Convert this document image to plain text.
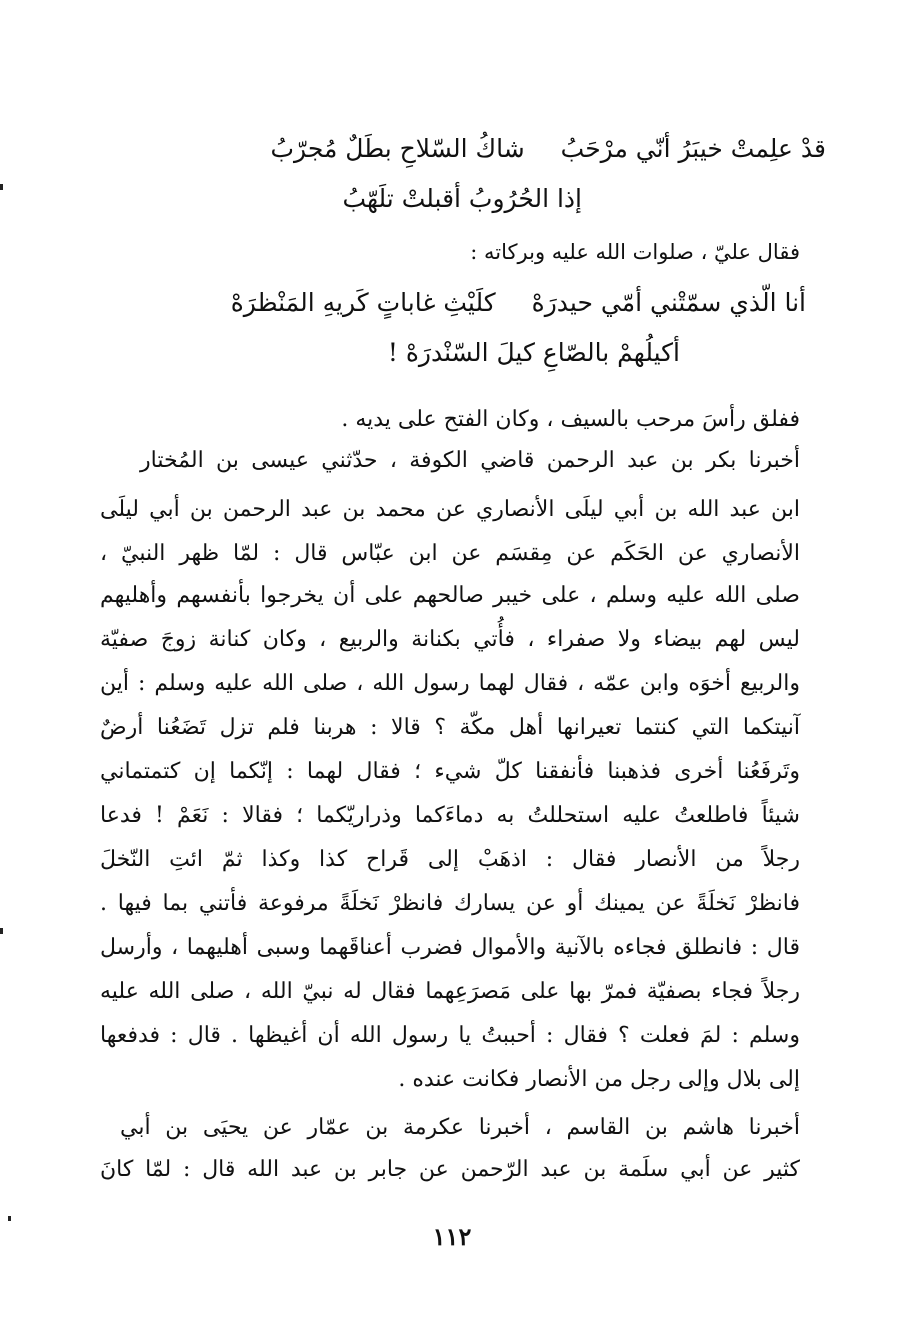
قدْ علِمتْ خيبَرُ أنّي مرْحَبُشاكُ السّلاحِ بطَلٌ مُجرّبُ
إذا الحُرُوبُ أقبلتْ تلَهّبُ
فقال عليّ ، صلوات الله عليه وبركاته :
أنا الّذي سمّتْني أمّي حيدرَهْكلَيْثِ غاباتٍ كَريهِ المَنْظرَهْ
أكيلُهمْ بالصّاعِ كيلَ السّنْدرَهْ !
ففلق رأسَ مرحب بالسيف ، وكان الفتح على يديه .
أخبرنا بكر بن عبد الرحمن قاضي الكوفة ، حدّثني عيسى بن المُختار
ابن عبد الله بن أبي ليلَى الأنصاري عن محمد بن عبد الرحمن بن أبي ليلَى
الأنصاري عن الحَكَم عن مِقسَم عن ابن عبّاس قال : لمّا ظهر النبيّ ،
صلى الله عليه وسلم ، على خيبر صالحهم على أن يخرجوا بأنفسهم وأهليهم
ليس لهم بيضاء ولا صفراء ، فأُتي بكنانة والربيع ، وكان كنانة زوجَ صفيّة
والربيع أخوَه وابن عمّه ، فقال لهما رسول الله ، صلى الله عليه وسلم : أين
آنيتكما التي كنتما تعيرانها أهل مكّة ؟ قالا : هربنا فلم تزل تَضَعُنا أرضٌ
وتَرفَعُنا أخرى فذهبنا فأنفقنا كلّ شيء ؛ فقال لهما : إنّكما إن كتمتماني
شيئاً فاطلعتُ عليه استحللتُ به دماءَكما وذراريّكما ؛ فقالا : نَعَمْ ! فدعا
رجلاً من الأنصار فقال : اذهَبْ إلى قَراح كذا وكذا ثمّ ائتِ النّخلَ
فانظرْ نَخلَةً عن يمينك أو عن يسارك فانظرْ نَخلَةً مرفوعة فأتني بما فيها .
قال : فانطلق فجاءه بالآنية والأموال فضرب أعناقَهما وسبى أهليهما ، وأرسل
رجلاً فجاء بصفيّة فمرّ بها على مَصرَعِهما فقال له نبيّ الله ، صلى الله عليه
وسلم : لمَ فعلت ؟ فقال : أحببتُ يا رسول الله أن أغيظها . قال : فدفعها
إلى بلال وإلى رجل من الأنصار فكانت عنده .
أخبرنا هاشم بن القاسم ، أخبرنا عكرمة بن عمّار عن يحيَى بن أبي
كثير عن أبي سلَمة بن عبد الرّحمن عن جابر بن عبد الله قال : لمّا كانَ
١١٢
